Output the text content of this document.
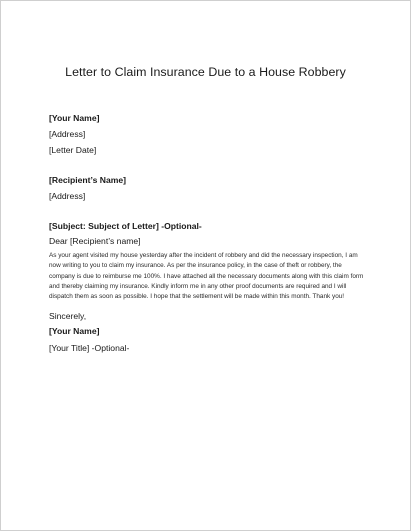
Letter to Claim Insurance Due to a House Robbery
[Your Name]
[Address]
[Letter Date]
[Recipient’s Name]
[Address]
[Subject: Subject of Letter] -Optional-
Dear [Recipient’s name]

As your agent visited my house yesterday after the incident of robbery and did the necessary inspection, I am now writing to you to claim my insurance. As per the insurance policy, in the case of theft or robbery, the company is due to reimburse me 100%. I have attached all the necessary documents along with this claim form and thereby claiming my insurance. Kindly inform me in any other proof documents are required and I will dispatch them as soon as possible. I hope that the settlement will be made within this month. Thank you!

Sincerely,
[Your Name]
[Your Title] -Optional-
